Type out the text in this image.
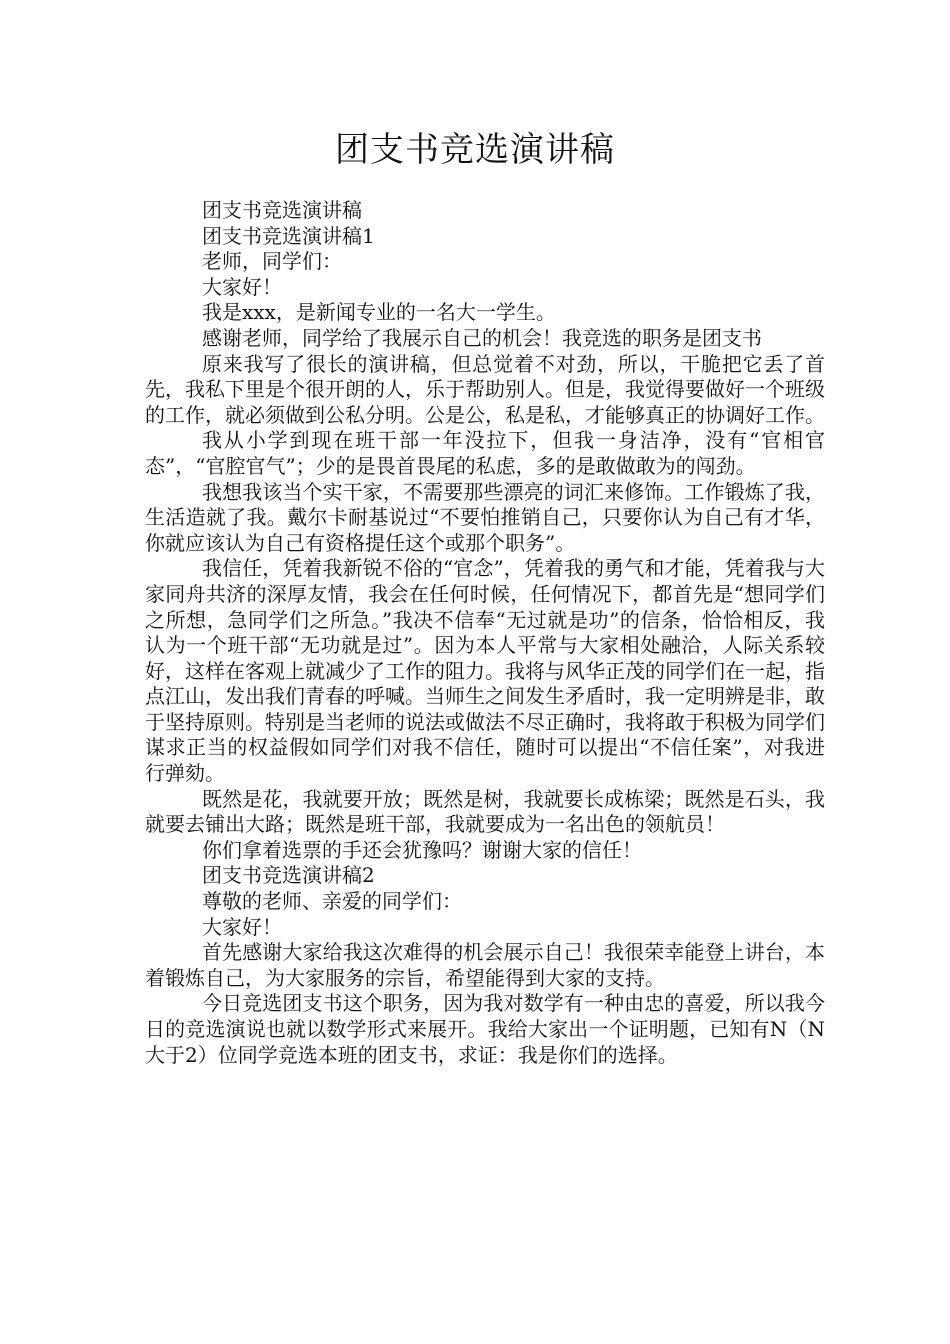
团支书竞选演讲稿

团支书竞选演讲稿

团支书竞选演讲稿1

老师，同学们：

大家好！

我是xxx，是新闻专业的一名大一学生。

感谢老师，同学给了我展示自己的机会！我竞选的职务是团支书

原来我写了很长的演讲稿，但总觉着不对劲，所以，干脆把它丢了首先，我私下里是个很开朗的人，乐于帮助别人。但是，我觉得要做好一个班级的工作，就必须做到公私分明。公是公，私是私，才能够真正的协调好工作。

我从小学到现在班干部一年没拉下，但我一身洁净，没有“官相官态”，“官腔官气”；少的是畏首畏尾的私虑，多的是敢做敢为的闯劲。

我想我该当个实干家，不需要那些漂亮的词汇来修饰。工作锻炼了我，生活造就了我。戴尔卡耐基说过“不要怕推销自己，只要你认为自己有才华，你就应该认为自己有资格提任这个或那个职务”。

我信任，凭着我新锐不俗的“官念”，凭着我的勇气和才能，凭着我与大家同舟共济的深厚友情，我会在任何时候，任何情况下，都首先是“想同学们之所想，急同学们之所急。”我决不信奉“无过就是功”的信条，恰恰相反，我认为一个班干部“无功就是过”。因为本人平常与大家相处融洽，人际关系较好，这样在客观上就减少了工作的阻力。我将与风华正茂的同学们在一起，指点江山，发出我们青春的呼喊。当师生之间发生矛盾时，我一定明辨是非，敢于坚持原则。特别是当老师的说法或做法不尽正确时，我将敢于积极为同学们谋求正当的权益假如同学们对我不信任，随时可以提出“不信任案”，对我进行弹劾。

既然是花，我就要开放；既然是树，我就要长成栋梁；既然是石头，我就要去铺出大路；既然是班干部，我就要成为一名出色的领航员！

你们拿着选票的手还会犹豫吗？谢谢大家的信任！

团支书竞选演讲稿2

尊敬的老师、亲爱的同学们：

大家好！

首先感谢大家给我这次难得的机会展示自己！我很荣幸能登上讲台，本着锻炼自己，为大家服务的宗旨，希望能得到大家的支持。

今日竞选团支书这个职务，因为我对数学有一种由忠的喜爱，所以我今日的竞选演说也就以数学形式来展开。我给大家出一个证明题，已知有N（N大于2）位同学竞选本班的团支书，求证：我是你们的选择。
